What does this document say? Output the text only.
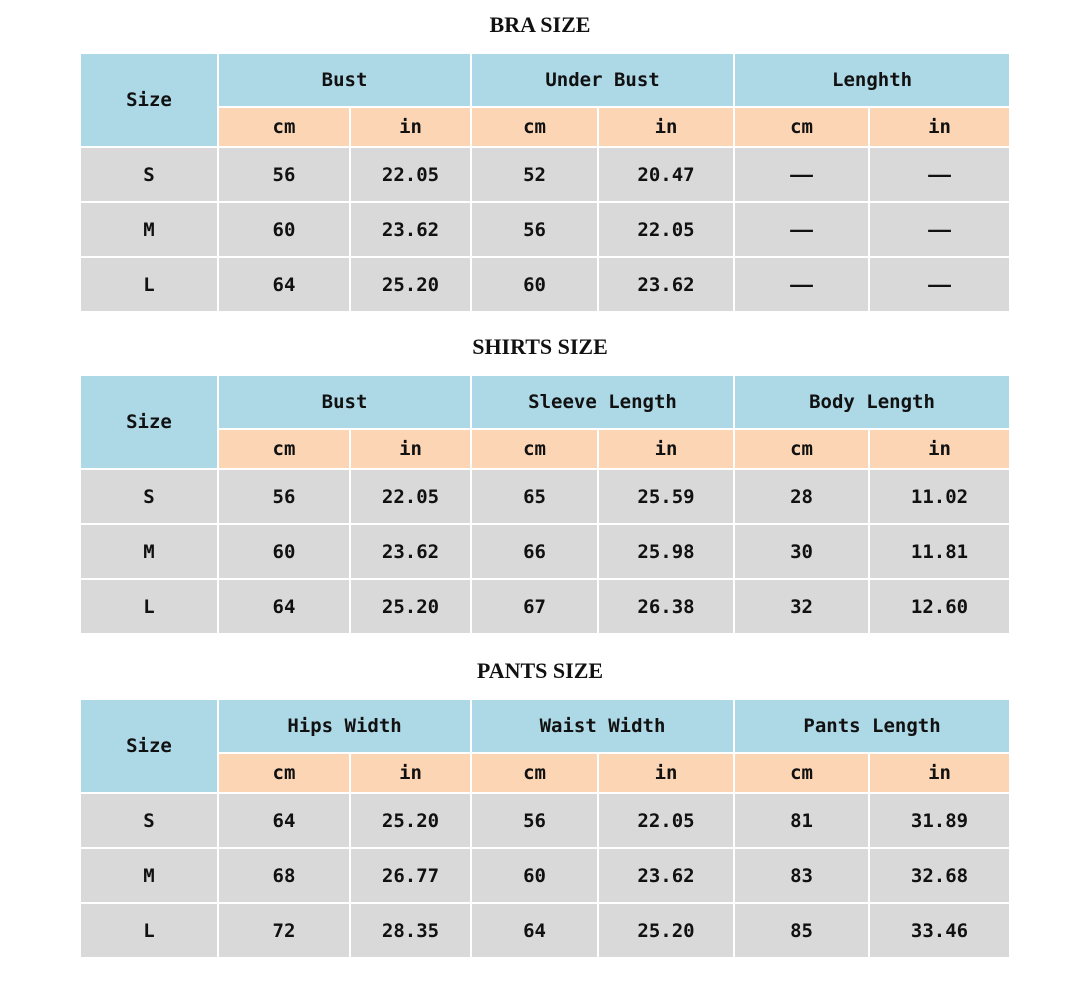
BRA SIZE
Size	Bust		Under Bust		Lenghth	
	cm	in	cm	in	cm	in
S	56	22.05	52	20.47	——	——
M	60	23.62	56	22.05	——	——
L	64	25.20	60	23.62	——	——
SHIRTS SIZE
Size	Bust		Sleeve Length		Body Length	
	cm	in	cm	in	cm	in
S	56	22.05	65	25.59	28	11.02
M	60	23.62	66	25.98	30	11.81
L	64	25.20	67	26.38	32	12.60
PANTS SIZE
Size	Hips Width		Waist Width		Pants Length	
	cm	in	cm	in	cm	in
S	64	25.20	56	22.05	81	31.89
M	68	26.77	60	23.62	83	32.68
L	72	28.35	64	25.20	85	33.46
